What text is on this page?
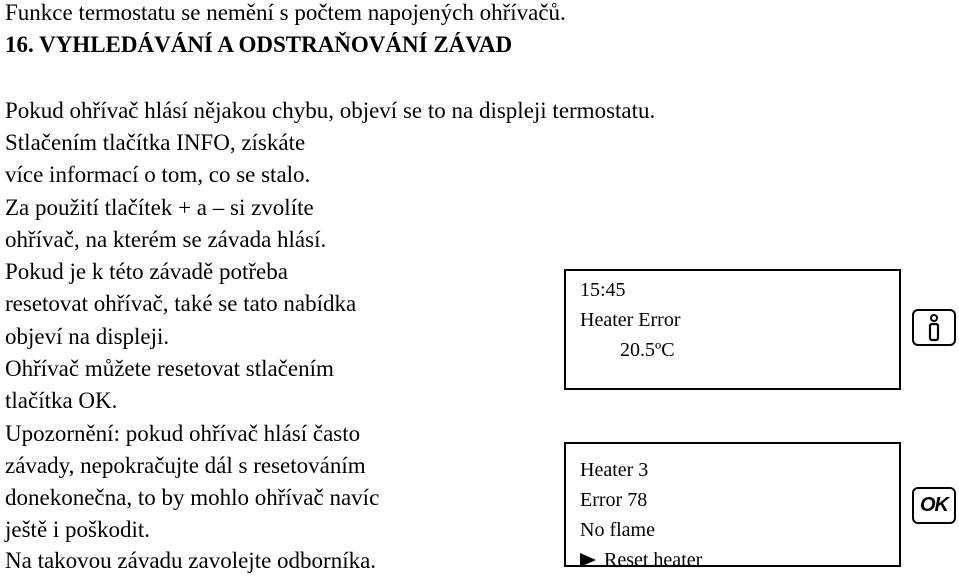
Funkce termostatu se nemění s počtem napojených ohřívačů.

16. VYHLEDÁVÁNÍ A ODSTRAŇOVÁNÍ ZÁVAD

Pokud ohřívač hlásí nějakou chybu, objeví se to na displeji termostatu.

Stlačením tlačítka INFO, získáte

více informací o tom, co se stalo.

Za použití tlačítek + a – si zvolíte

ohřívač, na kterém se závada hlásí.

Pokud je k této závadě potřeba

resetovat ohřívač, také se tato nabídka

objeví na displeji.

Ohřívač můžete resetovat stlačením

tlačítka OK.

Upozornění: pokud ohřívač hlásí často

závady, nepokračujte dál s resetováním

donekonečna, to by mohlo ohřívač navíc

ještě i poškodit.

Na takovou závadu zavolejte odborníka.

15:45

Heater Error

20.5ºC

Heater 3

Error 78

No flame

Reset heater

OK
